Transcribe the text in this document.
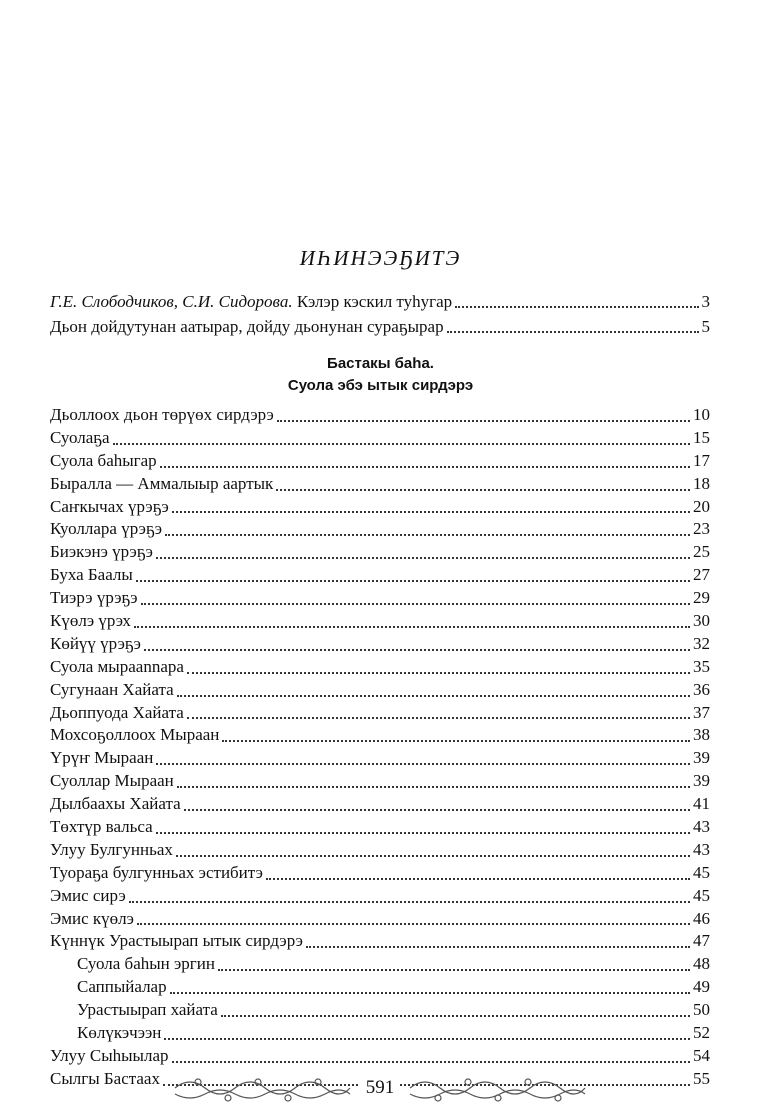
ИҺИНЭЭҔИТЭ
Г.Е. Слободчиков, С.И. Сидорова. Кэлэр кэскил туһугар	3
Дьон дойдутунан аатырар, дойду дьонунан сураҕырар	5
Бастакы баһа.
Суола эбэ ытык сирдэрэ
Дьоллоох дьон төрүөх сирдэрэ	10
Суолаҕа	15
Суола баһыгар	17
Быралла — Аммалыыр аартык	18
Саҥкычах үрэҕэ	20
Куоллара үрэҕэ	23
Биэкэнэ үрэҕэ	25
Буха Баалы	27
Тиэрэ үрэҕэ	29
Күөлэ үрэх	30
Көйүү үрэҕэ	32
Суола мыраannара	35
Сугунаан Хайата	36
Дьоппуода Хайата	37
Мохсоҕоллоох Мыраан	38
Үрүҥ Мыраан	39
Суоллар Мыраан	39
Дылбаахы Хайата	41
Төхтүр вальса	43
Улуу Булгунньах	43
Туораҕа булгунньах эстибитэ	45
Эмис сирэ	45
Эмис күөлэ	46
Күннүк Урастыырап ытык сирдэрэ	47
Суола баһын эргин	48
Саппыйалар	49
Урастыырап хайата	50
Көлүкэчээн	52
Улуу Сыһыылар	54
Сылгы Бастаах	55
591
